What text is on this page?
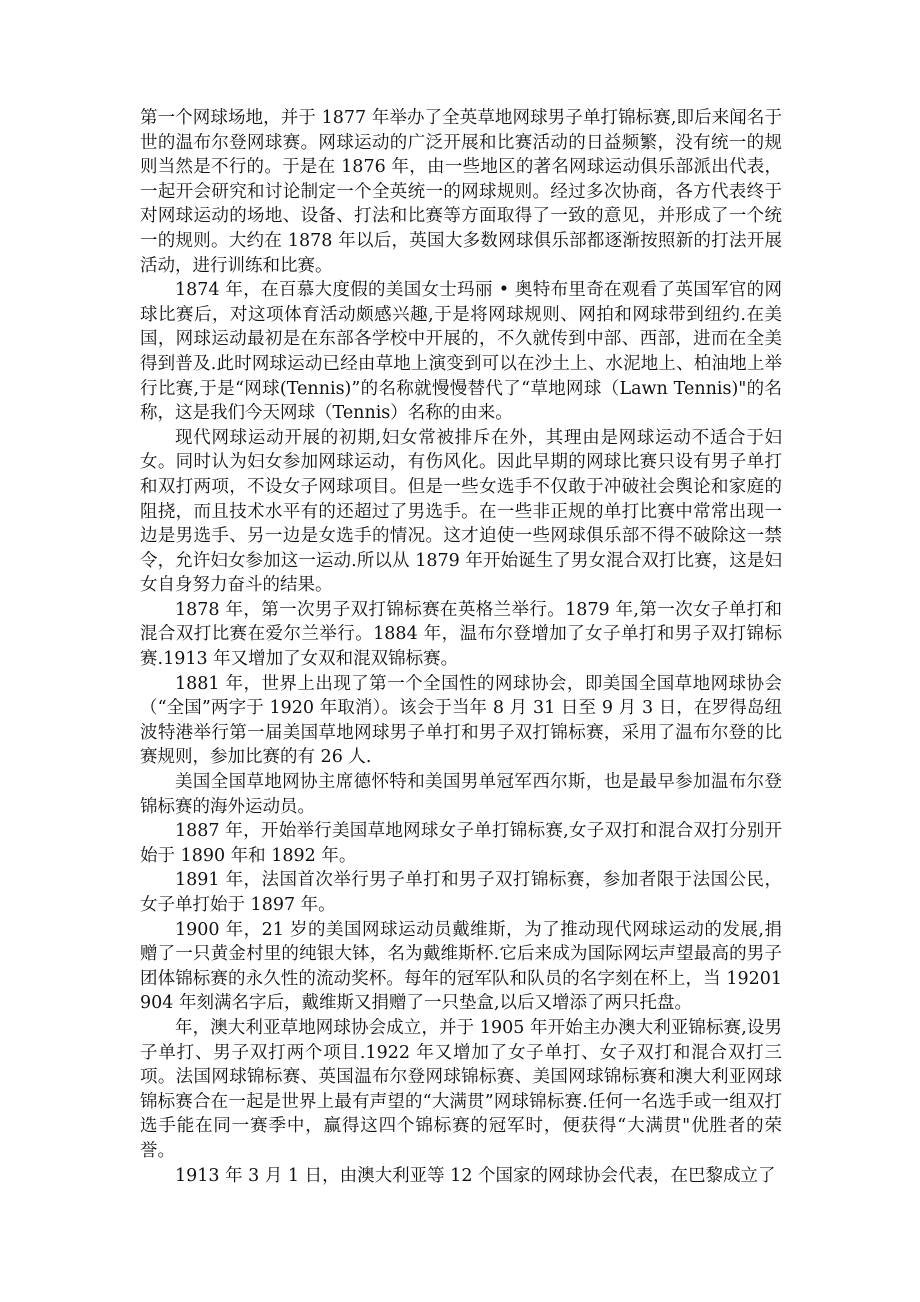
第一个网球场地，并于 1877 年举办了全英草地网球男子单打锦标赛,即后来闻名于世的温布尔登网球赛。网球运动的广泛开展和比赛活动的日益频繁，没有统一的规则当然是不行的。于是在 1876 年，由一些地区的著名网球运动俱乐部派出代表，一起开会研究和讨论制定一个全英统一的网球规则。经过多次协商，各方代表终于对网球运动的场地、设备、打法和比赛等方面取得了一致的意见，并形成了一个统一的规则。大约在 1878 年以后，英国大多数网球俱乐部都逐渐按照新的打法开展活动，进行训练和比赛。

1874 年，在百慕大度假的美国女士玛丽 • 奥特布里奇在观看了英国军官的网球比赛后，对这项体育活动颇感兴趣,于是将网球规则、网拍和网球带到纽约.在美国，网球运动最初是在东部各学校中开展的，不久就传到中部、西部，进而在全美得到普及.此时网球运动已经由草地上演变到可以在沙土上、水泥地上、柏油地上举行比赛,于是“网球(Tennis)”的名称就慢慢替代了“草地网球（Lawn Tennis)"的名称，这是我们今天网球（Tennis）名称的由来。

现代网球运动开展的初期,妇女常被排斥在外，其理由是网球运动不适合于妇女。同时认为妇女参加网球运动，有伤风化。因此早期的网球比赛只设有男子单打和双打两项，不设女子网球项目。但是一些女选手不仅敢于冲破社会舆论和家庭的阻挠，而且技术水平有的还超过了男选手。在一些非正规的单打比赛中常常出现一边是男选手、另一边是女选手的情况。这才迫使一些网球俱乐部不得不破除这一禁令，允许妇女参加这一运动.所以从 1879 年开始诞生了男女混合双打比赛，这是妇女自身努力奋斗的结果。

1878 年，第一次男子双打锦标赛在英格兰举行。1879 年,第一次女子单打和混合双打比赛在爱尔兰举行。1884 年，温布尔登增加了女子单打和男子双打锦标赛.1913 年又增加了女双和混双锦标赛。

1881 年，世界上出现了第一个全国性的网球协会，即美国全国草地网球协会（“全国”两字于 1920 年取消）。该会于当年 8 月 31 日至 9 月 3 日，在罗得岛纽波特港举行第一届美国草地网球男子单打和男子双打锦标赛，采用了温布尔登的比赛规则，参加比赛的有 26 人.

美国全国草地网协主席德怀特和美国男单冠军西尔斯，也是最早参加温布尔登锦标赛的海外运动员。

1887 年，开始举行美国草地网球女子单打锦标赛,女子双打和混合双打分别开始于 1890 年和 1892 年。

1891 年，法国首次举行男子单打和男子双打锦标赛，参加者限于法国公民，女子单打始于 1897 年。

1900 年，21 岁的美国网球运动员戴维斯，为了推动现代网球运动的发展,捐赠了一只黄金村里的纯银大钵，名为戴维斯杯.它后来成为国际网坛声望最高的男子团体锦标赛的永久性的流动奖杯。每年的冠军队和队员的名字刻在杯上，当 19201904 年刻满名字后，戴维斯又捐赠了一只垫盒,以后又增添了两只托盘。

年，澳大利亚草地网球协会成立，并于 1905 年开始主办澳大利亚锦标赛,设男子单打、男子双打两个项目.1922 年又增加了女子单打、女子双打和混合双打三项。法国网球锦标赛、英国温布尔登网球锦标赛、美国网球锦标赛和澳大利亚网球锦标赛合在一起是世界上最有声望的“大满贯”网球锦标赛.任何一名选手或一组双打选手能在同一赛季中，赢得这四个锦标赛的冠军时，便获得“大满贯"优胜者的荣誉。

1913 年 3 月 1 日，由澳大利亚等 12 个国家的网球协会代表，在巴黎成立了
